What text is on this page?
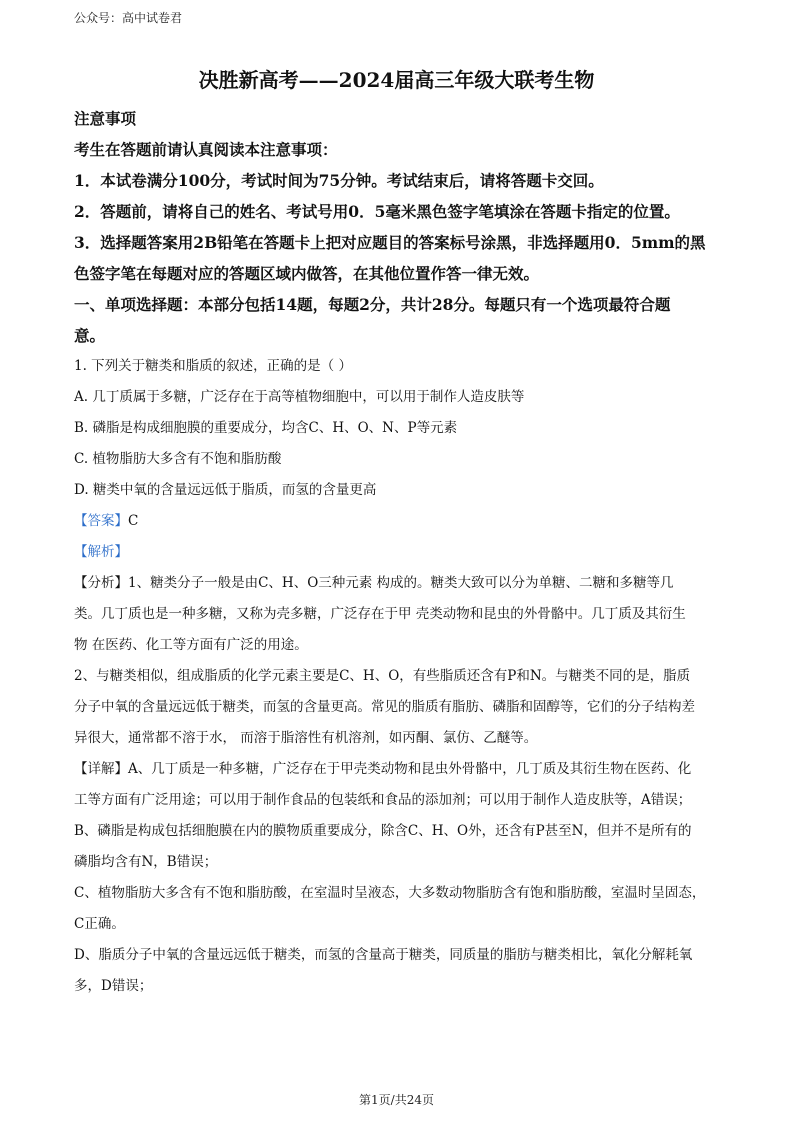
公众号：高中试卷君
决胜新高考——2024届高三年级大联考生物

注意事项

考生在答题前请认真阅读本注意事项：

1．本试卷满分100分，考试时间为75分钟。考试结束后，请将答题卡交回。

2．答题前，请将自己的姓名、考试号用0．5毫米黑色签字笔填涂在答题卡指定的位置。

3．选择题答案用2B铅笔在答题卡上把对应题目的答案标号涂黑，非选择题用0．5mm的黑

色签字笔在每题对应的答题区域内做答，在其他位置作答一律无效。

一、单项选择题：本部分包括14题，每题2分，共计28分。每题只有一个选项最符合题

意。

1. 下列关于糖类和脂质的叙述，正确的是（ ）

A. 几丁质属于多糖，广泛存在于高等植物细胞中，可以用于制作人造皮肤等

B. 磷脂是构成细胞膜的重要成分，均含C、H、O、N、P等元素

C. 植物脂肪大多含有不饱和脂肪酸

D. 糖类中氧的含量远远低于脂质，而氢的含量更高

【答案】C

【解析】

【分析】1、糖类分子一般是由C、H、O三种元素 构成的。糖类大致可以分为单糖、二糖和多糖等几

类。几丁质也是一种多糖，又称为壳多糖，广泛存在于甲 壳类动物和昆虫的外骨骼中。几丁质及其衍生

物 在医药、化工等方面有广泛的用途。

2、与糖类相似，组成脂质的化学元素主要是C、H、O，有些脂质还含有P和N。与糖类不同的是，脂质

分子中氧的含量远远低于糖类，而氢的含量更高。常见的脂质有脂肪、磷脂和固醇等，它们的分子结构差

异很大，通常都不溶于水， 而溶于脂溶性有机溶剂，如丙酮、氯仿、乙醚等。

【详解】A、几丁质是一种多糖，广泛存在于甲壳类动物和昆虫外骨骼中，几丁质及其衍生物在医药、化

工等方面有广泛用途；可以用于制作食品的包装纸和食品的添加剂；可以用于制作人造皮肤等，A错误；

B、磷脂是构成包括细胞膜在内的膜物质重要成分，除含C、H、O外，还含有P甚至N，但并不是所有的

磷脂均含有N，B错误；

C、植物脂肪大多含有不饱和脂肪酸，在室温时呈液态，大多数动物脂肪含有饱和脂肪酸，室温时呈固态，

C正确。

D、脂质分子中氧的含量远远低于糖类，而氢的含量高于糖类，同质量的脂肪与糖类相比，氧化分解耗氧

多，D错误；

第1页/共24页
